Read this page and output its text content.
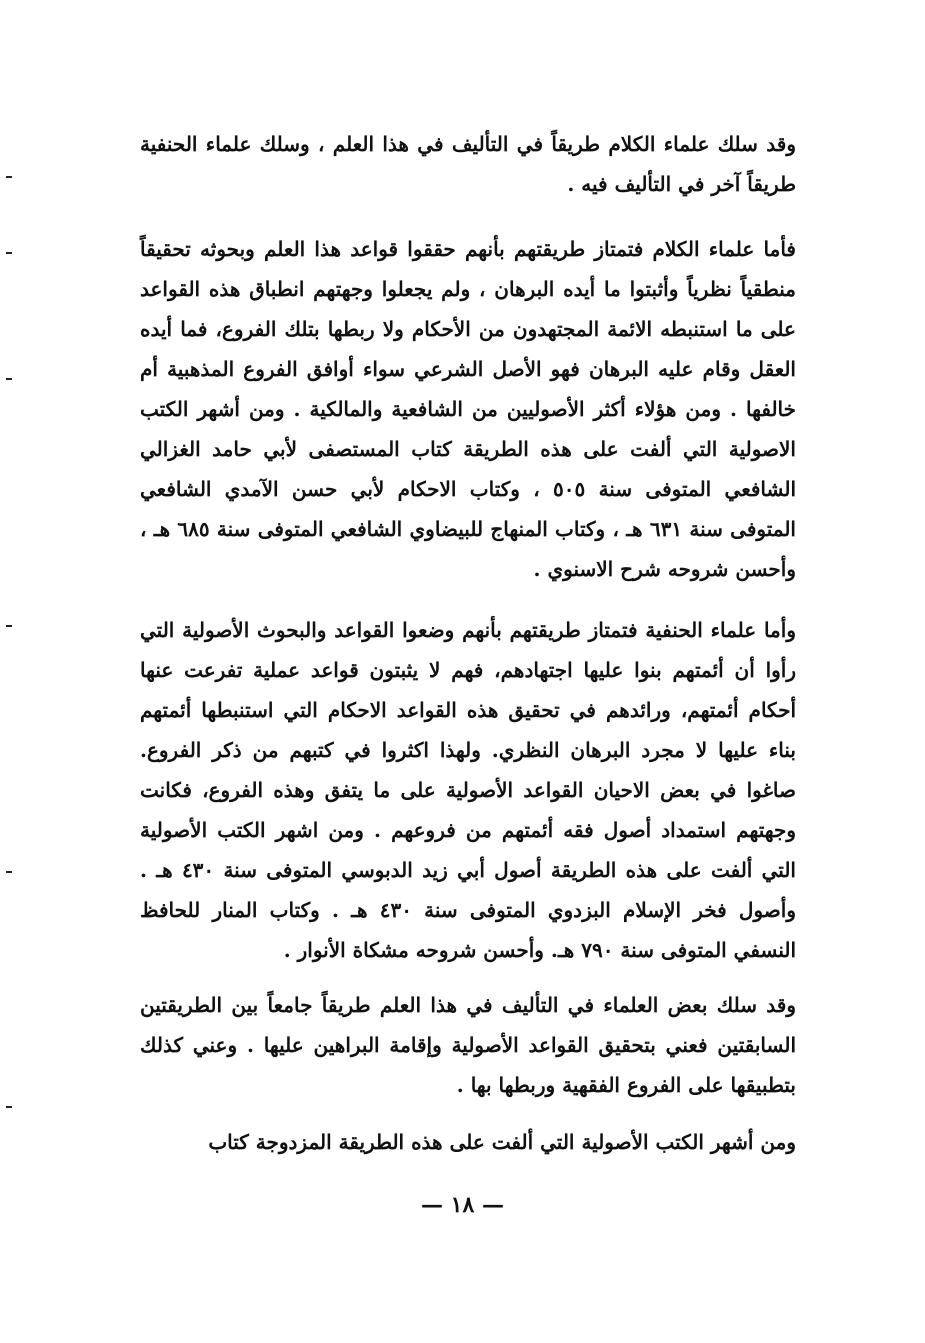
وقد سلك علماء الكلام طريقاً في التأليف في هذا العلم ، وسلك علماء الحنفية طريقاً آخر في التأليف فيه .

فأما علماء الكلام فتمتاز طريقتهم بأنهم حققوا قواعد هذا العلم وبحوثه تحقيقاً منطقياً نظرياً وأثبتوا ما أيده البرهان ، ولم يجعلوا وجهتهم انطباق هذه القواعد على ما استنبطه الائمة المجتهدون من الأحكام ولا ربطها بتلك الفروع، فما أيده العقل وقام عليه البرهان فهو الأصل الشرعي سواء أوافق الفروع المذهبية أم خالفها . ومن هؤلاء أكثر الأصوليين من الشافعية والمالكية . ومن أشهر الكتب الاصولية التي ألفت على هذه الطريقة كتاب المستصفى لأبي حامد الغزالي الشافعي المتوفى سنة ٥٠٥ ، وكتاب الاحكام لأبي حسن الآمدي الشافعي المتوفى سنة ٦٣١ هـ ، وكتاب المنهاج للبيضاوي الشافعي المتوفى سنة ٦٨٥ هـ ، وأحسن شروحه شرح الاسنوي .

وأما علماء الحنفية فتمتاز طريقتهم بأنهم وضعوا القواعد والبحوث الأصولية التي رأوا أن أئمتهم بنوا عليها اجتهادهم، فهم لا يثبتون قواعد عملية تفرعت عنها أحكام أئمتهم، ورائدهم في تحقيق هذه القواعد الاحكام التي استنبطها أئمتهم بناء عليها لا مجرد البرهان النظري. ولهذا اكثروا في كتبهم من ذكر الفروع. صاغوا في بعض الاحيان القواعد الأصولية على ما يتفق وهذه الفروع، فكانت وجهتهم استمداد أصول فقه أئمتهم من فروعهم . ومن اشهر الكتب الأصولية التي ألفت على هذه الطريقة أصول أبي زيد الدبوسي المتوفى سنة ٤٣٠ هـ . وأصول فخر الإسلام البزدوي المتوفى سنة ٤٣٠ هـ . وكتاب المنار للحافظ النسفي المتوفى سنة ٧٩٠ هـ. وأحسن شروحه مشكاة الأنوار .

وقد سلك بعض العلماء في التأليف في هذا العلم طريقاً جامعاً بين الطريقتين السابقتين فعني بتحقيق القواعد الأصولية وإقامة البراهين عليها . وعني كذلك بتطبيقها على الفروع الفقهية وربطها بها .

ومن أشهر الكتب الأصولية التي ألفت على هذه الطريقة المزدوجة كتاب

— ١٨ —
